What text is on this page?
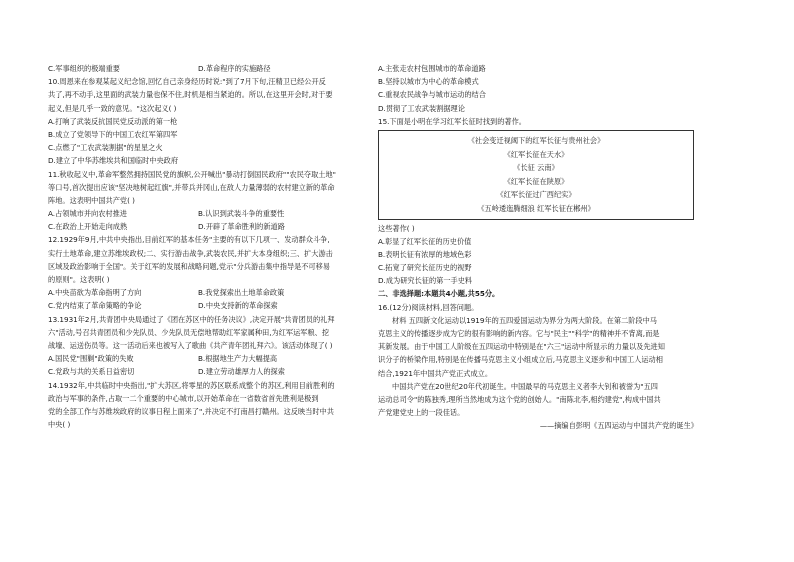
C.军事组织的极端重要	D.革命程序的实施路径
10.周恩来在参观某起义纪念馆,回忆自己亲身经历时说:"到了7月下旬,汪精卫已经公开反
共了,再不动手,这里面的武装力量也保不住,时机是相当紧迫的。所以,在这里开会时,对于要
起义,但是几乎一致的意见。"这次起义( )
A.打响了武装反抗国民党反动派的第一枪
B.成立了党领导下的中国工农红军第四军
C.点燃了"工农武装割据"的星星之火
D.建立了中华苏维埃共和国临时中央政府
11.秋收起义中,革命军整然拥持国民党的旗帜,公开喊出"暴动打倒国民政府""农民夺取土地"
等口号,首次提出应该"坚决地树起红旗",并带兵并冈山,在敌人力量薄弱的农村建立新的革命
阵地。这表明中国共产党( )
A.占领城市并向农村推进	B.认识到武装斗争的重要性
C.在政治上开始走向成熟	D.开辟了革命胜利的新道路
12.1929年9月,中共中央指出,目前红军的基本任务"主要的有以下几项一、发动群众斗争,
实行土地革命,建立苏维埃政权;二、实行游击战争,武装农民,并扩大本身组织;三、扩大游击
区域及政治影响于全国"。关于红军的发展和战略问题,党示"分兵游击集中指导是不可移易
的原则"。这表明( )
A.中央苗欲为革命指明了方向	B.我党探索出土地革命政策
C.党内结束了革命策略的争论	D.中央支持新的革命探索
13.1931年2月,共青团中央局通过了《团在苏区中的任务决议》,决定开展"共青团员的礼拜
六"活动,号召共青团员和少先队员、少先队员无偿地帮助红军家属种田,为红军运军粮、挖
战壕、运送伤员等。这一活动后来也被写入了歌曲《共产青年团礼拜六》。该活动体现了( )
A.国民党"围剿"政策的失败	B.根据地生产力大幅提高
C.党政与共的关系日益密切	D.建立劳动雄厚力人的探索
14.1932年,中共临时中央指出,"扩大苏区,将零星的苏区联系成整个的苏区,利用目前胜利的
政治与军事的条件,占取一二个重要的中心城市,以开始革命在一省数省首先胜利是极到
党的全部工作与苏维埃政府的议事日程上面来了",并决定不打南昌打赣州。这反映当时中共
中央( )
A.主张走农村包围城市的革命道路
B.坚持以城市为中心的革命模式
C.重视农民战争与城市运动的结合
D.贯彻了工农武装割据理论
15.下面是小明在学习红军长征时找到的著作。
《社会变迁视阈下的红军长征与贵州社会》
《红军长征在天水》
《长征 云南》
《红军长征在陕原》
《红军长征过广西纪实》
《五岭逶迤腾细浪 红军长征在郴州》
这些著作( )
A.彰显了红军长征的历史价值
B.表明长征有浓厚的地域色彩
C.拓宽了研究长征历史的视野
D.成为研究长征的第一手史料
二、非选择题:本题共4小题,共55分。
16.(12分)阅读材料,回答问题。
材料 五四新文化运动以1919年的五四爱国运动为界分为两大阶段。在第二阶段中马
克思主义的传播逐步成为它的很有影响的新内容。它与"民主""科学"的精神并不背离,而是
其新发展。由于中国工人阶级在五四运动中特别是在"六三"运动中所显示的力量以及先进知
识分子的桥梁作用,特别是在传播马克思主义小组成立后,马克思主义逐步和中国工人运动相
结合,1921年中国共产党正式成立。
中国共产党在20世纪20年代初诞生。中国最早的马克思主义者李大钊和被誉为"五四
运动总司令"的陈独秀,理所当然地成为这个党的创始人。"南陈北李,相约建党",构成中国共
产党建党史上的一段佳话。
——摘编自彭明《五四运动与中国共产党的诞生》
